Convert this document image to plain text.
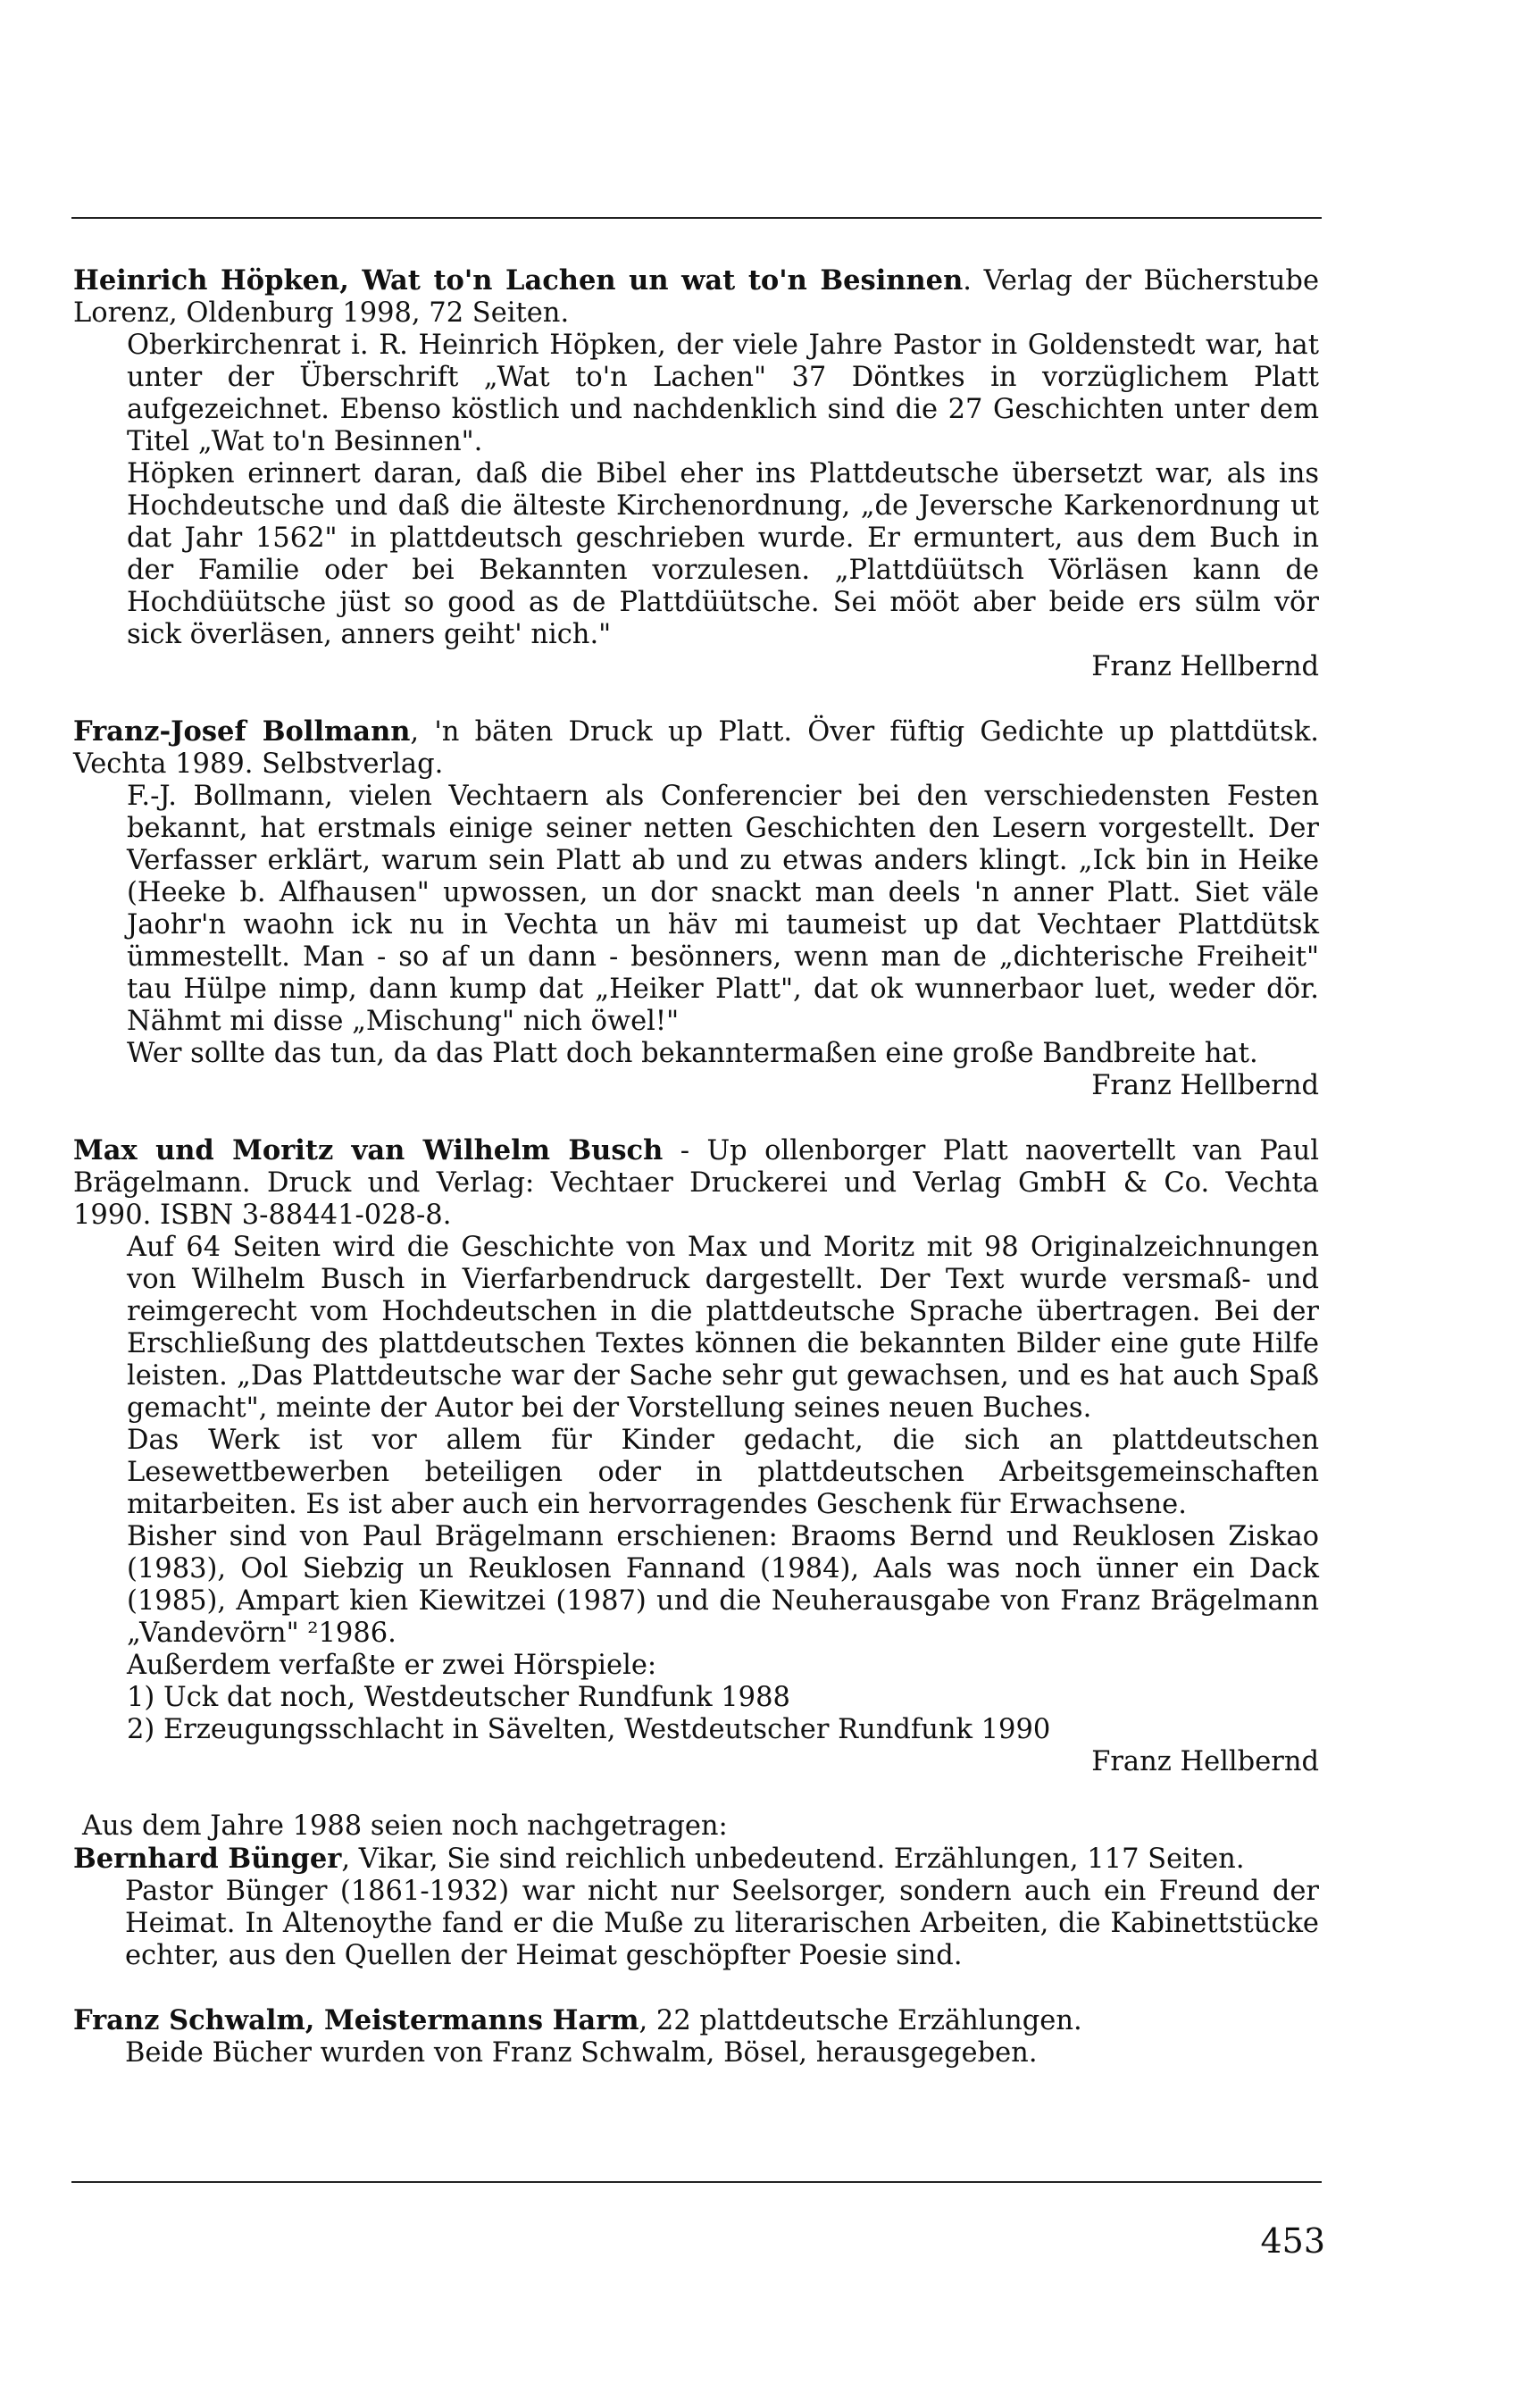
Heinrich Höpken, Wat to'n Lachen un wat to'n Besinnen. Verlag der Bücherstube Lorenz, Oldenburg 1998, 72 Seiten.

Oberkirchenrat i. R. Heinrich Höpken, der viele Jahre Pastor in Goldenstedt war, hat unter der Überschrift „Wat to'n Lachen" 37 Döntkes in vorzüglichem Platt aufgezeichnet. Ebenso köstlich und nachdenklich sind die 27 Geschichten unter dem Titel „Wat to'n Besinnen".

Höpken erinnert daran, daß die Bibel eher ins Plattdeutsche übersetzt war, als ins Hochdeutsche und daß die älteste Kirchenordnung, „de Jeversche Karkenordnung ut dat Jahr 1562" in plattdeutsch geschrieben wurde. Er ermuntert, aus dem Buch in der Familie oder bei Bekannten vorzulesen. „Plattdüütsch Vörläsen kann de Hochdüütsche jüst so good as de Plattdüütsche. Sei mööt aber beide ers sülm vör sick överläsen, anners geiht' nich."

Franz Hellbernd

Franz-Josef Bollmann, 'n bäten Druck up Platt. Över füftig Gedichte up plattdütsk. Vechta 1989. Selbstverlag.

F.-J. Bollmann, vielen Vechtaern als Conferencier bei den verschiedensten Festen bekannt, hat erstmals einige seiner netten Geschichten den Lesern vorgestellt. Der Verfasser erklärt, warum sein Platt ab und zu etwas anders klingt. „Ick bin in Heike (Heeke b. Alfhausen" upwossen, un dor snackt man deels 'n anner Platt. Siet väle Jaohr'n waohn ick nu in Vechta un häv mi taumeist up dat Vechtaer Plattdütsk ümmestellt. Man - so af un dann - besönners, wenn man de „dichterische Freiheit" tau Hülpe nimp, dann kump dat „Heiker Platt", dat ok wunnerbaor luet, weder dör. Nähmt mi disse „Mischung" nich öwel!"

Wer sollte das tun, da das Platt doch bekanntermaßen eine große Bandbreite hat.

Franz Hellbernd

Max und Moritz van Wilhelm Busch - Up ollenborger Platt naovertellt van Paul Brägelmann. Druck und Verlag: Vechtaer Druckerei und Verlag GmbH & Co. Vechta 1990. ISBN 3-88441-028-8.

Auf 64 Seiten wird die Geschichte von Max und Moritz mit 98 Originalzeichnungen von Wilhelm Busch in Vierfarbendruck dargestellt. Der Text wurde versmaß- und reimgerecht vom Hochdeutschen in die plattdeutsche Sprache übertragen. Bei der Erschließung des plattdeutschen Textes können die bekannten Bilder eine gute Hilfe leisten. „Das Plattdeutsche war der Sache sehr gut gewachsen, und es hat auch Spaß gemacht", meinte der Autor bei der Vorstellung seines neuen Buches.

Das Werk ist vor allem für Kinder gedacht, die sich an plattdeutschen Lesewettbewerben beteiligen oder in plattdeutschen Arbeitsgemeinschaften mitarbeiten. Es ist aber auch ein hervorragendes Geschenk für Erwachsene.

Bisher sind von Paul Brägelmann erschienen: Braoms Bernd und Reuklosen Ziskao (1983), Ool Siebzig un Reuklosen Fannand (1984), Aals was noch ünner ein Dack (1985), Ampart kien Kiewitzei (1987) und die Neuherausgabe von Franz Brägelmann „Vandevörn" ²1986.

Außerdem verfaßte er zwei Hörspiele:

1) Uck dat noch, Westdeutscher Rundfunk 1988

2) Erzeugungsschlacht in Sävelten, Westdeutscher Rundfunk 1990

Franz Hellbernd

Aus dem Jahre 1988 seien noch nachgetragen:

Bernhard Bünger, Vikar, Sie sind reichlich unbedeutend. Erzählungen, 117 Seiten.

Pastor Bünger (1861-1932) war nicht nur Seelsorger, sondern auch ein Freund der Heimat. In Altenoythe fand er die Muße zu literarischen Arbeiten, die Kabinettstücke echter, aus den Quellen der Heimat geschöpfter Poesie sind.

Franz Schwalm, Meistermanns Harm, 22 plattdeutsche Erzählungen.

Beide Bücher wurden von Franz Schwalm, Bösel, herausgegeben.

453
